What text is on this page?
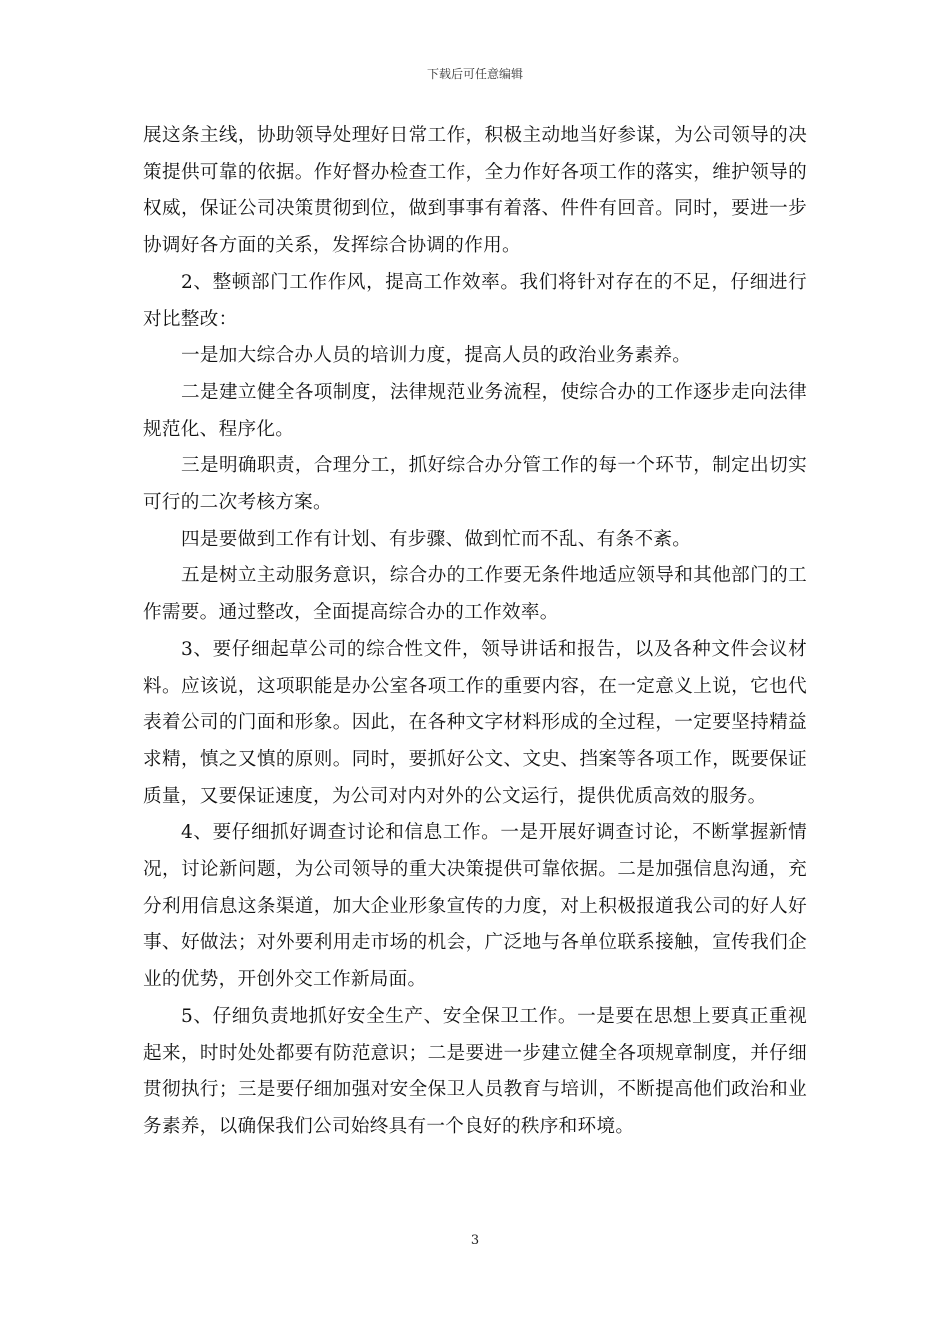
下载后可任意编辑

展这条主线，协助领导处理好日常工作，积极主动地当好参谋，为公司领导的决策提供可靠的依据。作好督办检查工作，全力作好各项工作的落实，维护领导的权威，保证公司决策贯彻到位，做到事事有着落、件件有回音。同时，要进一步协调好各方面的关系，发挥综合协调的作用。

2、整顿部门工作作风，提高工作效率。我们将针对存在的不足，仔细进行对比整改：

一是加大综合办人员的培训力度，提高人员的政治业务素养。

二是建立健全各项制度，法律规范业务流程，使综合办的工作逐步走向法律规范化、程序化。

三是明确职责，合理分工，抓好综合办分管工作的每一个环节，制定出切实可行的二次考核方案。

四是要做到工作有计划、有步骤、做到忙而不乱、有条不紊。

五是树立主动服务意识，综合办的工作要无条件地适应领导和其他部门的工作需要。通过整改，全面提高综合办的工作效率。

3、要仔细起草公司的综合性文件，领导讲话和报告，以及各种文件会议材料。应该说，这项职能是办公室各项工作的重要内容，在一定意义上说，它也代表着公司的门面和形象。因此，在各种文字材料形成的全过程，一定要坚持精益求精，慎之又慎的原则。同时，要抓好公文、文史、挡案等各项工作，既要保证质量，又要保证速度，为公司对内对外的公文运行，提供优质高效的服务。

4、要仔细抓好调查讨论和信息工作。一是开展好调查讨论，不断掌握新情况，讨论新问题，为公司领导的重大决策提供可靠依据。二是加强信息沟通，充分利用信息这条渠道，加大企业形象宣传的力度，对上积极报道我公司的好人好事、好做法；对外要利用走市场的机会，广泛地与各单位联系接触，宣传我们企业的优势，开创外交工作新局面。

5、仔细负责地抓好安全生产、安全保卫工作。一是要在思想上要真正重视起来，时时处处都要有防范意识；二是要进一步建立健全各项规章制度，并仔细贯彻执行；三是要仔细加强对安全保卫人员教育与培训，不断提高他们政治和业务素养，以确保我们公司始终具有一个良好的秩序和环境。

3
